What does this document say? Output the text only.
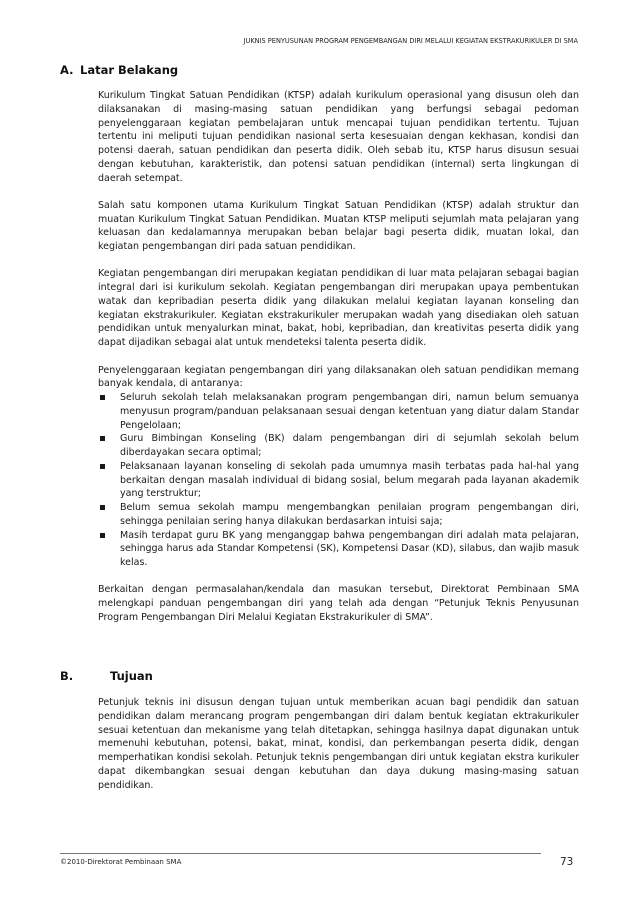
JUKNIS PENYUSUNAN PROGRAM PENGEMBANGAN DIRI MELALUI KEGIATAN EKSTRAKURIKULER DI SMA
A. Latar Belakang

Kurikulum Tingkat Satuan Pendidikan (KTSP) adalah kurikulum operasional yang disusun oleh dan dilaksanakan di masing-masing satuan pendidikan yang berfungsi sebagai pedoman penyelenggaraan kegiatan pembelajaran untuk mencapai tujuan pendidikan tertentu. Tujuan tertentu ini meliputi tujuan pendidikan nasional serta kesesuaian dengan kekhasan, kondisi dan potensi daerah, satuan pendidikan dan peserta didik. Oleh sebab itu, KTSP harus disusun sesuai dengan kebutuhan, karakteristik, dan potensi satuan pendidikan (internal) serta lingkungan di daerah setempat.

Salah satu komponen utama Kurikulum Tingkat Satuan Pendidikan (KTSP) adalah struktur dan muatan Kurikulum Tingkat Satuan Pendidikan. Muatan KTSP meliputi sejumlah mata pelajaran yang keluasan dan kedalamannya merupakan beban belajar bagi peserta didik, muatan lokal, dan kegiatan pengembangan diri pada satuan pendidikan.

Kegiatan pengembangan diri merupakan kegiatan pendidikan di luar mata pelajaran sebagai bagian integral dari isi kurikulum sekolah. Kegiatan pengembangan diri merupakan upaya pembentukan watak dan kepribadian peserta didik yang dilakukan melalui kegiatan layanan konseling dan kegiatan ekstrakurikuler. Kegiatan ekstrakurikuler merupakan wadah yang disediakan oleh satuan pendidikan untuk menyalurkan minat, bakat, hobi, kepribadian, dan kreativitas peserta didik yang dapat dijadikan sebagai alat untuk mendeteksi talenta peserta didik.

Penyelenggaraan kegiatan pengembangan diri yang dilaksanakan oleh satuan pendidikan memang banyak kendala, di antaranya:

Seluruh sekolah telah melaksanakan program pengembangan diri, namun belum semuanya menyusun program/panduan pelaksanaan sesuai dengan ketentuan yang diatur dalam Standar Pengelolaan;
Guru Bimbingan Konseling (BK) dalam pengembangan diri di sejumlah sekolah belum diberdayakan secara optimal;
Pelaksanaan layanan konseling di sekolah pada umumnya masih terbatas pada hal-hal yang berkaitan dengan masalah individual di bidang sosial, belum megarah pada layanan akademik yang terstruktur;
Belum semua sekolah mampu mengembangkan penilaian program pengembangan diri, sehingga penilaian sering hanya dilakukan berdasarkan intuisi saja;
Masih terdapat guru BK yang menganggap bahwa pengembangan diri adalah mata pelajaran, sehingga harus ada Standar Kompetensi (SK), Kompetensi Dasar (KD), silabus, dan wajib masuk kelas.

Berkaitan dengan permasalahan/kendala dan masukan tersebut, Direktorat Pembinaan SMA melengkapi panduan pengembangan diri yang telah ada dengan “Petunjuk Teknis Penyusunan Program Pengembangan Diri Melalui Kegiatan Ekstrakurikuler di SMA”.

B.	Tujuan

Petunjuk teknis ini disusun dengan tujuan untuk memberikan acuan bagi pendidik dan satuan pendidikan dalam merancang program pengembangan diri dalam bentuk kegiatan ektrakurikuler sesuai ketentuan dan mekanisme yang telah ditetapkan, sehingga hasilnya dapat digunakan untuk memenuhi kebutuhan, potensi, bakat, minat, kondisi, dan perkembangan peserta didik, dengan memperhatikan kondisi sekolah. Petunjuk teknis pengembangan diri untuk kegiatan ekstra kurikuler dapat dikembangkan sesuai dengan kebutuhan dan daya dukung masing-masing satuan pendidikan.

©2010-Direktorat Pembinaan SMA	73
